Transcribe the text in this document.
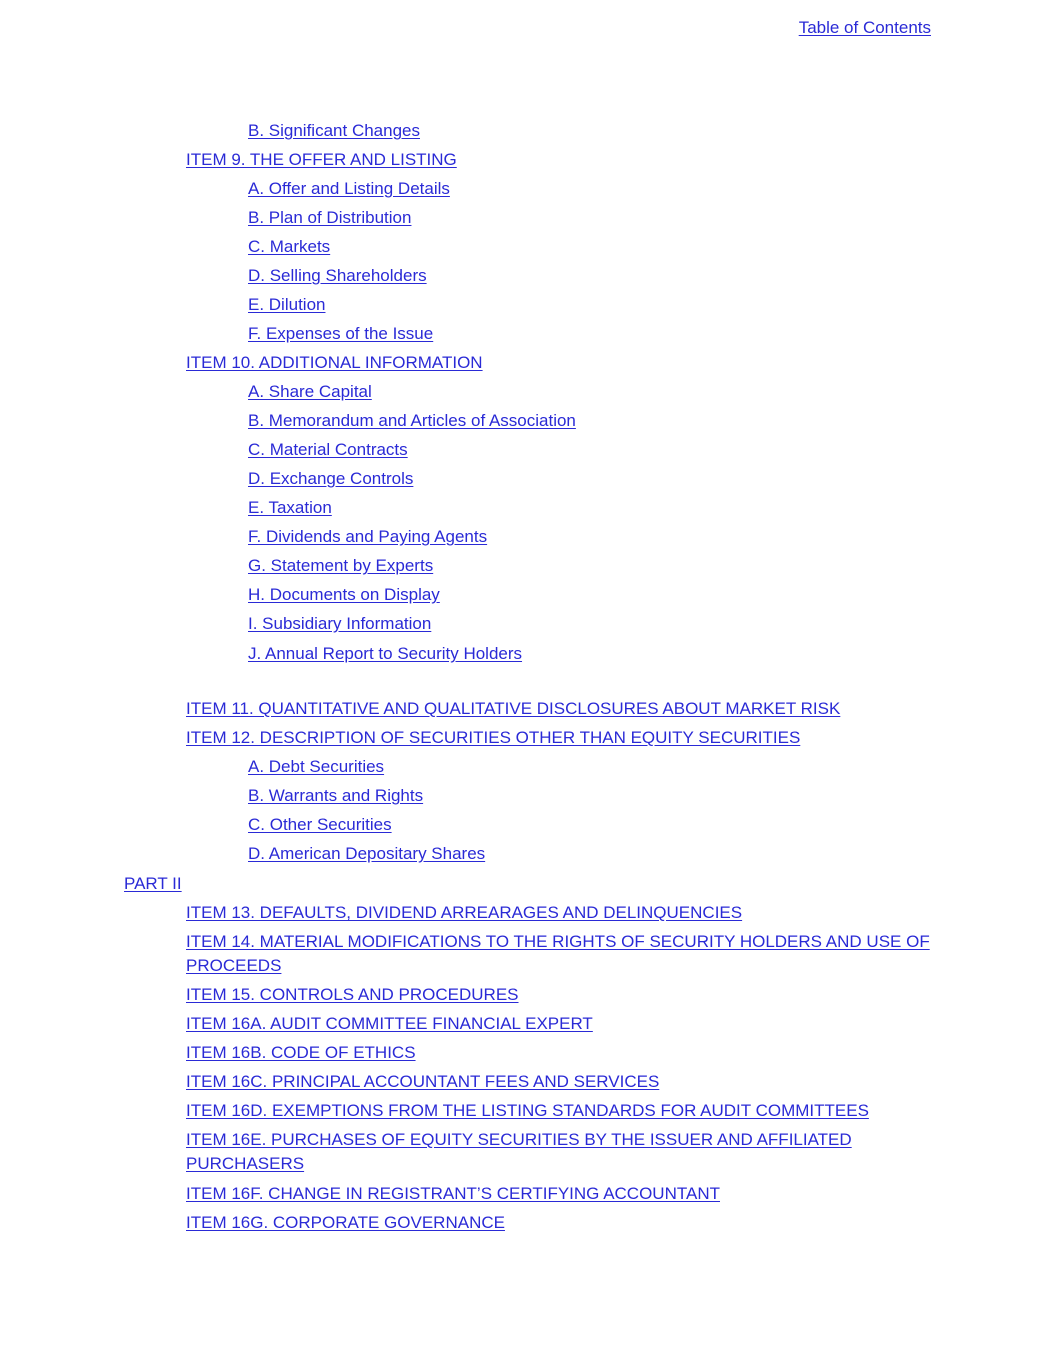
Table of Contents
B. Significant Changes
ITEM 9. THE OFFER AND LISTING
A. Offer and Listing Details
B. Plan of Distribution
C. Markets
D. Selling Shareholders
E. Dilution
F. Expenses of the Issue
ITEM 10. ADDITIONAL INFORMATION
A. Share Capital
B. Memorandum and Articles of Association
C. Material Contracts
D. Exchange Controls
E. Taxation
F. Dividends and Paying Agents
G. Statement by Experts
H. Documents on Display
I. Subsidiary Information
J. Annual Report to Security Holders
ITEM 11. QUANTITATIVE AND QUALITATIVE DISCLOSURES ABOUT MARKET RISK
ITEM 12. DESCRIPTION OF SECURITIES OTHER THAN EQUITY SECURITIES
A. Debt Securities
B. Warrants and Rights
C. Other Securities
D. American Depositary Shares
PART II
ITEM 13. DEFAULTS, DIVIDEND ARREARAGES AND DELINQUENCIES
ITEM 14. MATERIAL MODIFICATIONS TO THE RIGHTS OF SECURITY HOLDERS AND USE OF PROCEEDS
ITEM 15. CONTROLS AND PROCEDURES
ITEM 16A. AUDIT COMMITTEE FINANCIAL EXPERT
ITEM 16B. CODE OF ETHICS
ITEM 16C. PRINCIPAL ACCOUNTANT FEES AND SERVICES
ITEM 16D. EXEMPTIONS FROM THE LISTING STANDARDS FOR AUDIT COMMITTEES
ITEM 16E. PURCHASES OF EQUITY SECURITIES BY THE ISSUER AND AFFILIATED PURCHASERS
ITEM 16F. CHANGE IN REGISTRANT’S CERTIFYING ACCOUNTANT
ITEM 16G. CORPORATE GOVERNANCE
